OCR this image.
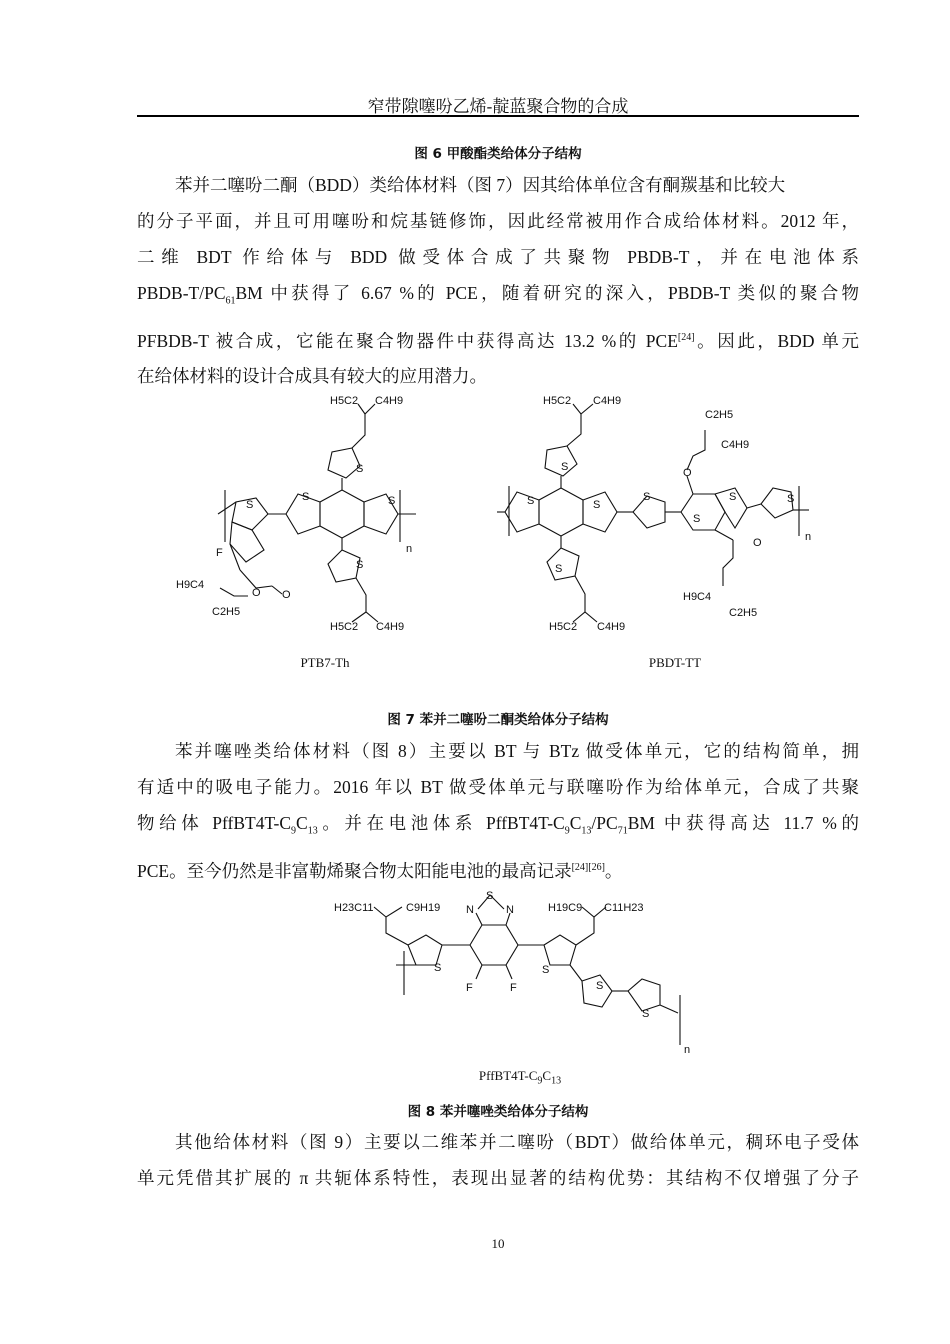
窄带隙噻吩乙烯-靛蓝聚合物的合成
图 6 甲酸酯类给体分子结构
苯并二噻吩二酮（BDD）类给体材料（图 7）因其给体单位含有酮羰基和比较大
的分子平面，并且可用噻吩和烷基链修饰，因此经常被用作合成给体材料。2012 年，
二维 BDT 作给体与 BDD 做受体合成了共聚物 PBDB-T，并在电池体系
PBDB-$T/PC_{61}BM$ 中获得了 6.67 %的 PCE，随着研究的深入，PBDB-T 类似的聚合物
PFBDB-T 被合成，它能在聚合物器件中获得高达 13.2 %的 PCE[24]。因此，BDD 单元
在给体材料的设计合成具有较大的应用潜力。
H5C2 C4H9
S
S
S
n
S
H5C2 C4H9
S
F
O O
H9C4
C2H5
H5C2 C4H9
S
S
S
S
H5C2 C4H9
S
S
S
O
C2H5
C4H9
O
H9C4
C2H5
S
n
PTB7-Th	PBDT-TT
图 7 苯并二噻吩二酮类给体分子结构
苯并噻唑类给体材料（图 8）主要以 BT 与 BTz 做受体单元，它的结构简单，拥
有适中的吸电子能力。2016 年以 BT 做受体单元与联噻吩作为给体单元，合成了共聚
物给体 $PffBT4T-C_9C_{13}$。并在电池体系 $PffBT4T-C_9C_{13}/PC_{71}BM$ 中获得高达 11.7 %的
PCE。至今仍然是非富勒烯聚合物太阳能电池的最高记录[24][26]。
H23C11	C9H19
S
S
N	N
F	F
S
H19C9 C11H23
S
S
n
$PffBT4T-C_9C_{13}$
图 8 苯并噻唑类给体分子结构
其他给体材料（图 9）主要以二维苯并二噻吩（BDT）做给体单元，稠环电子受体
单元凭借其扩展的 π 共轭体系特性，表现出显著的结构优势：其结构不仅增强了分子
10
